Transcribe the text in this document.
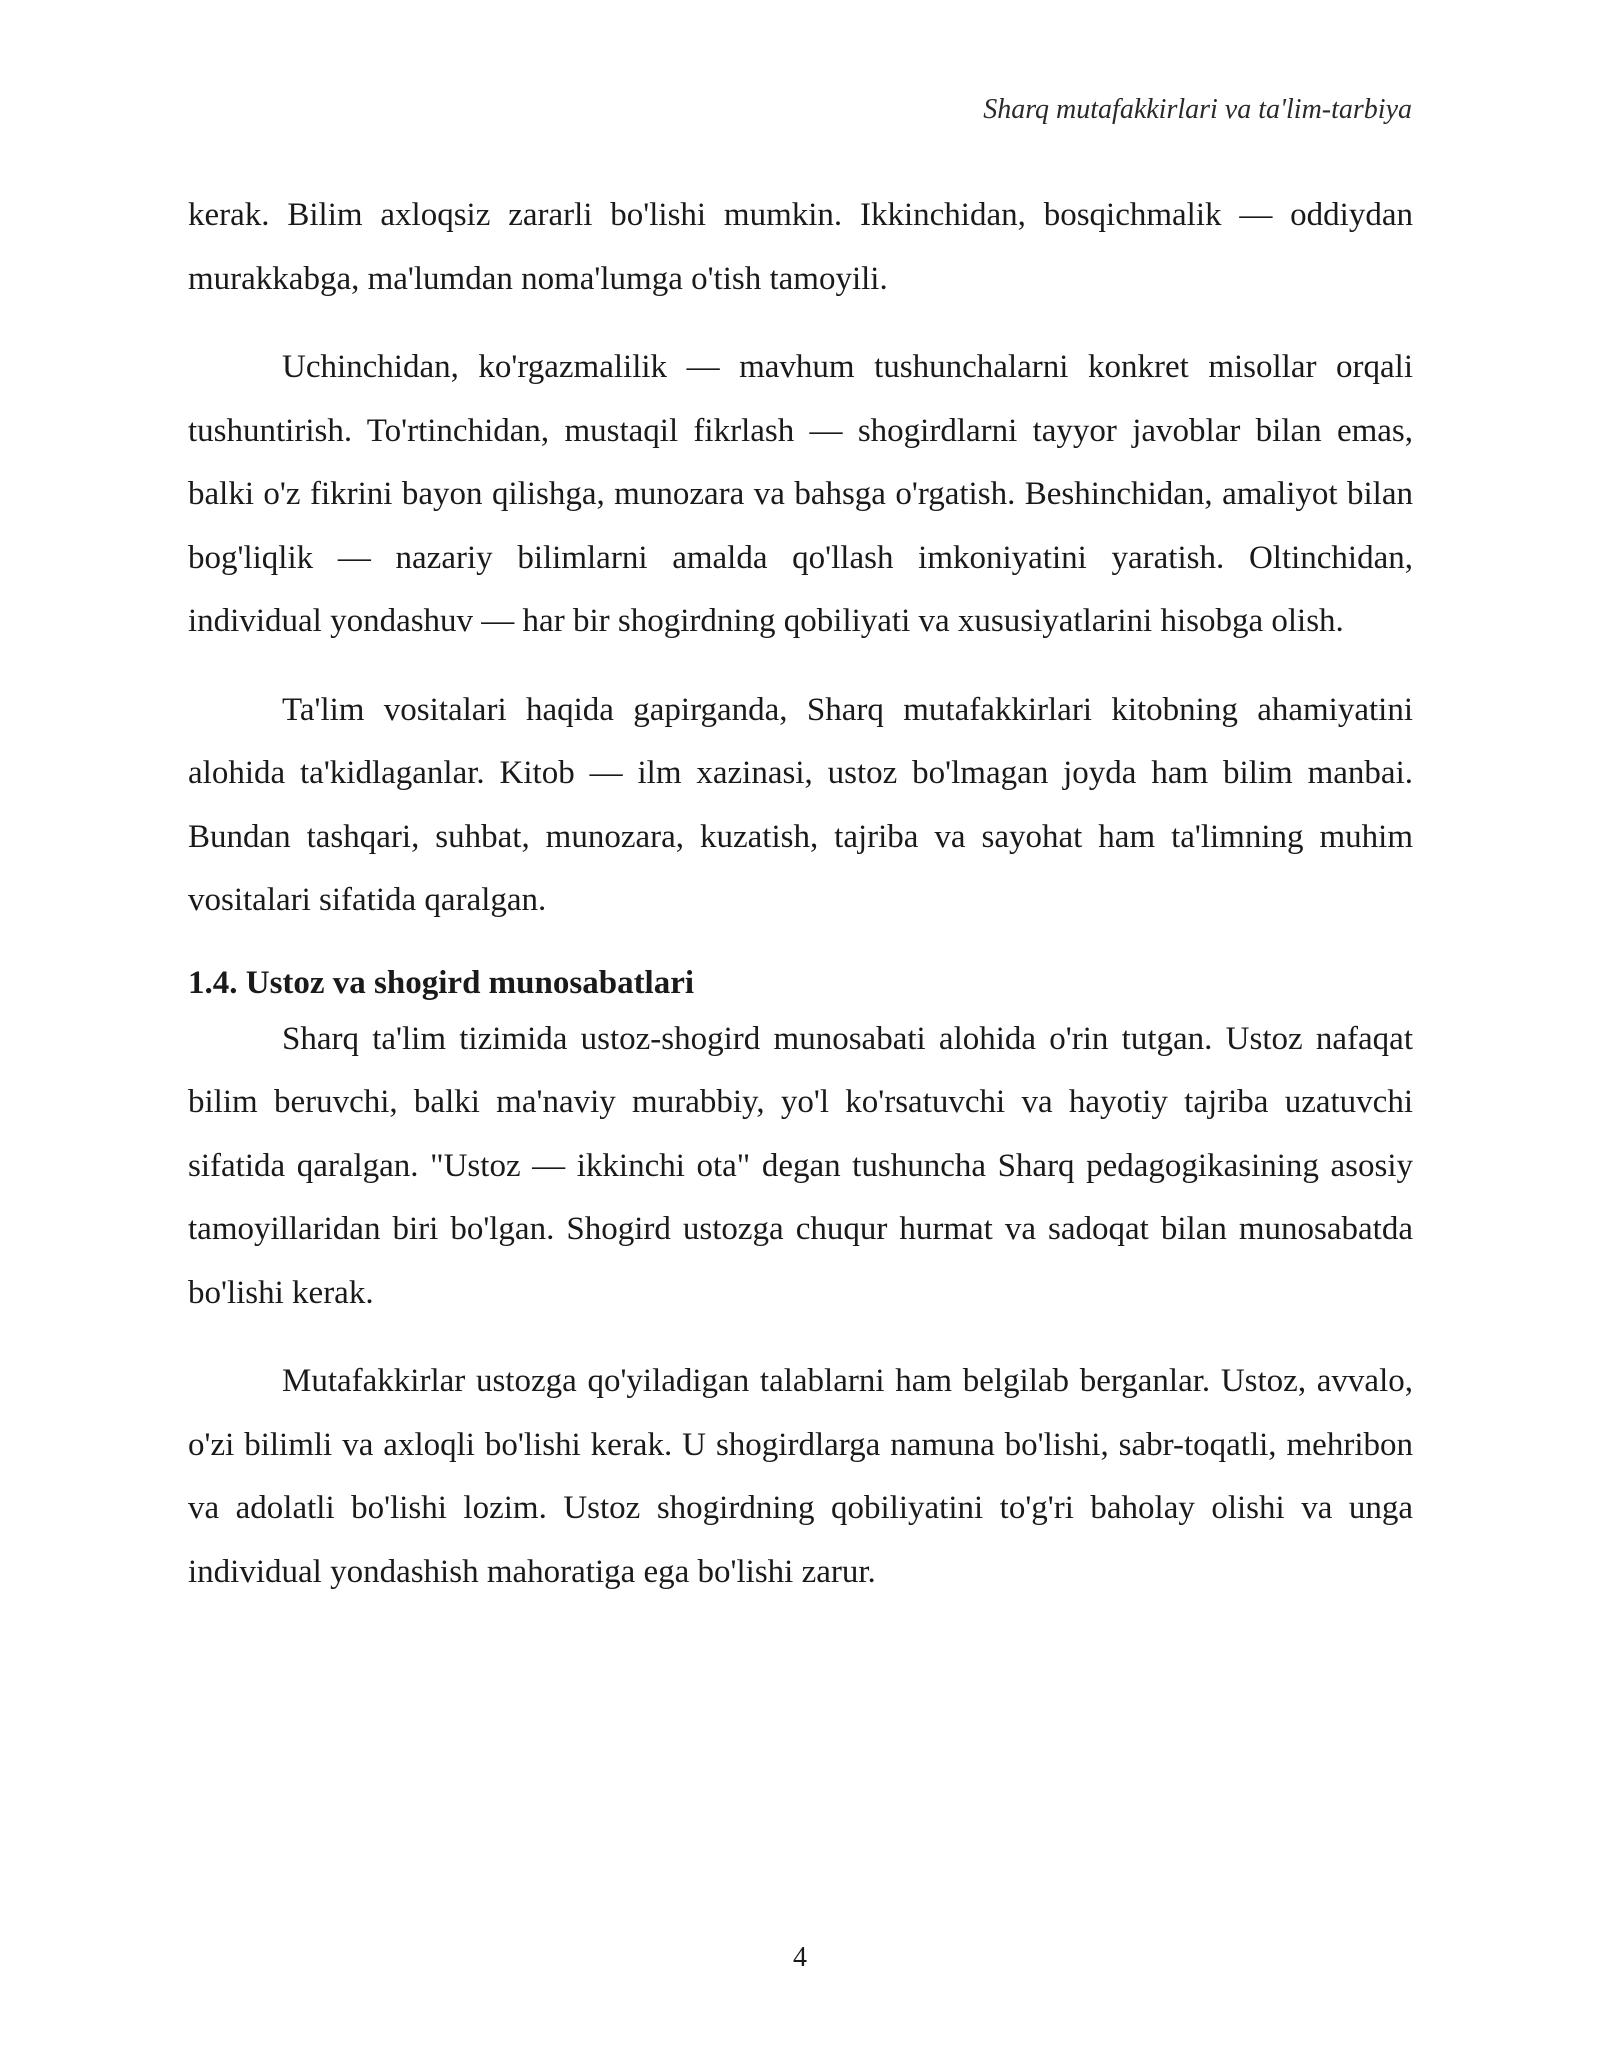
Sharq mutafakkirlari va ta'lim-tarbiya

kerak. Bilim axloqsiz zararli bo'lishi mumkin. Ikkinchidan, bosqichmalik — oddiydan murakkabga, ma'lumdan noma'lumga o'tish tamoyili.

Uchinchidan, ko'rgazmalilik — mavhum tushunchalarni konkret misollar orqali tushuntirish. To'rtinchidan, mustaqil fikrlash — shogirdlarni tayyor javoblar bilan emas, balki o'z fikrini bayon qilishga, munozara va bahsga o'rgatish. Beshinchidan, amaliyot bilan bog'liqlik — nazariy bilimlarni amalda qo'llash imkoniyatini yaratish. Oltinchidan, individual yondashuv — har bir shogirdning qobiliyati va xususiyatlarini hisobga olish.

Ta'lim vositalari haqida gapirganda, Sharq mutafakkirlari kitobning ahamiyatini alohida ta'kidlaganlar. Kitob — ilm xazinasi, ustoz bo'lmagan joyda ham bilim manbai. Bundan tashqari, suhbat, munozara, kuzatish, tajriba va sayohat ham ta'limning muhim vositalari sifatida qaralgan.

1.4. Ustoz va shogird munosabatlari

Sharq ta'lim tizimida ustoz-shogird munosabati alohida o'rin tutgan. Ustoz nafaqat bilim beruvchi, balki ma'naviy murabbiy, yo'l ko'rsatuvchi va hayotiy tajriba uzatuvchi sifatida qaralgan. "Ustoz — ikkinchi ota" degan tushuncha Sharq pedagogikasining asosiy tamoyillaridan biri bo'lgan. Shogird ustozga chuqur hurmat va sadoqat bilan munosabatda bo'lishi kerak.

Mutafakkirlar ustozga qo'yiladigan talablarni ham belgilab berganlar. Ustoz, avvalo, o'zi bilimli va axloqli bo'lishi kerak. U shogirdlarga namuna bo'lishi, sabr-toqatli, mehribon va adolatli bo'lishi lozim. Ustoz shogirdning qobiliyatini to'g'ri baholay olishi va unga individual yondashish mahoratiga ega bo'lishi zarur.

4
